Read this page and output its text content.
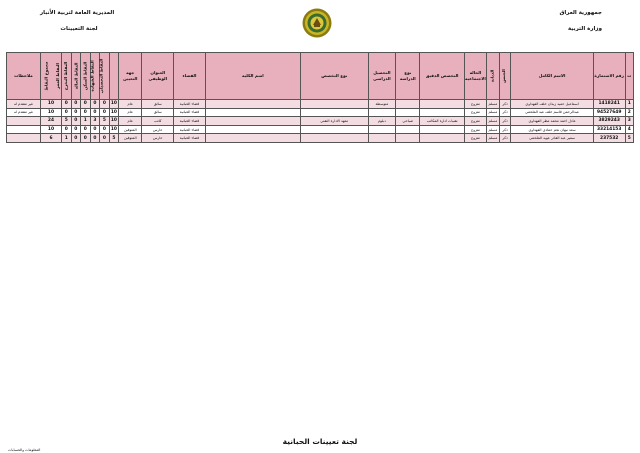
جمهورية العراق
وزارة التربية
المديرية العامة لتربية الأنبار
لجنة التعيينات
ت	رقم الاستمارة	الاسم الكامل	الجنس	الديانة	الحالة الاجتماعية	التخصص الدقيق	نوع الدراسة	التحصيل الدراسي	نوع التخصص	اسم الكلية	القضاء	العنوان الوظيفي	جهة التعيين	النقاط التحصيلي	النقاط الشهادة	النقاط السكن	النقاط الحالة	النقاط التخرج	النقاط العمر	مجموع النقاط	ملاحظات
1	1418241	اسماعيل حميد زيدان خلف الفهداوي	ذكر	مسلم	متزوج			متوسطة			قضاء الحبانية	سائق	عام	10	0	0	0	0	0	10	غير متقدم له
2	94527649	عبدالرحمن قاسم خلف عبد الملحمي	ذكر	مسلم	متزوج						قضاء الحبانية	سائق	عام	10	0	0	0	0	0	10	غير متقدم له
3	3829243	عادل احمد محمد مطر الفهداوي	ذكر	مسلم	متزوج	تقنيات ادارة المكاتب	صباحي	دبلوم	معهد الادارة التقني		قضاء الحبانية	كاتب	عام	10	5	3	1	0	5	24	
4	33214153	سعد نبهان نجم حمادي الفهداوي	ذكر	مسلم	متزوج						قضاء الحبانية	حارس	المتوفين	10	0	0	0	0	0	10	
5	237532	سمير عبد القادر عويد الملحمي	ذكر	مسلم	متزوج						قضاء الحبانية	حارس	المتوفين	5	0	0	0	0	1	6	
لجنة تعيينات الحبانية
المعلومات والحسابات
